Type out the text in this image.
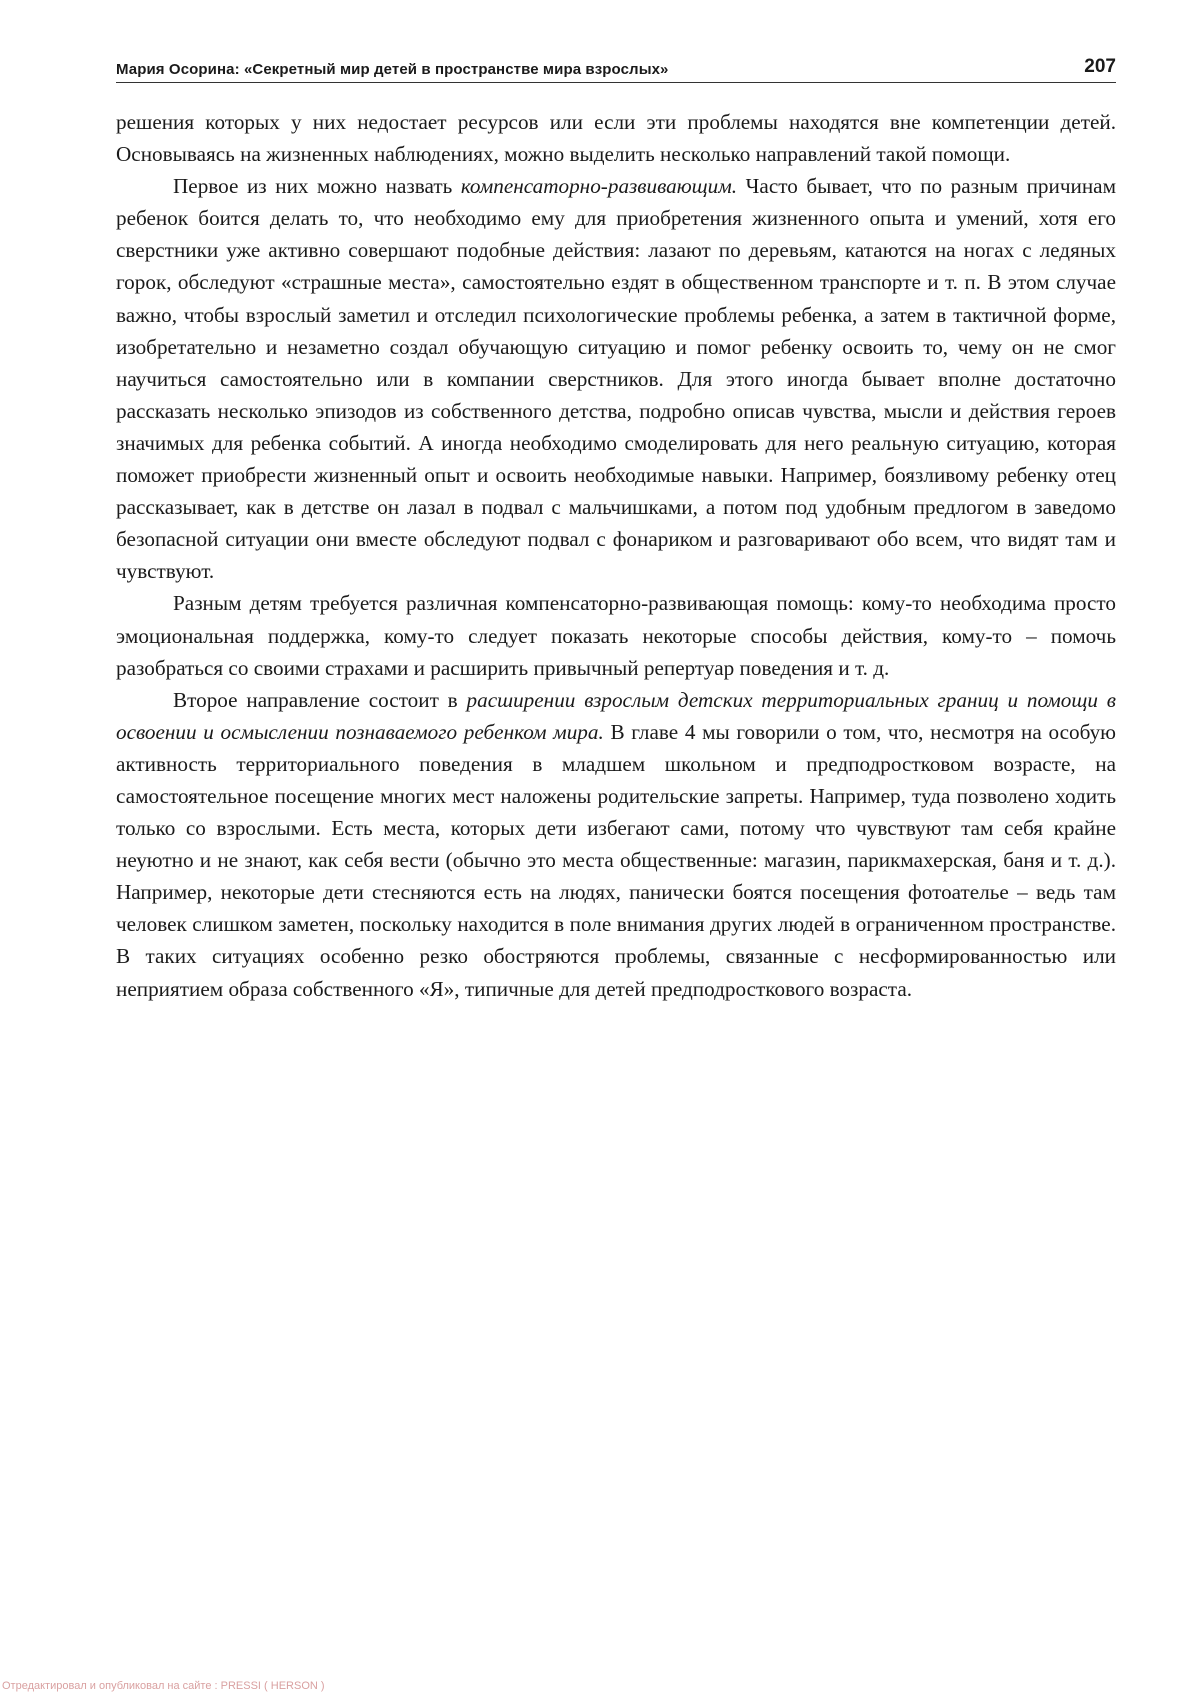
Мария Осорина: «Секретный мир детей в пространстве мира взрослых»	207

решения которых у них недостает ресурсов или если эти проблемы находятся вне компетенции детей. Основываясь на жизненных наблюдениях, можно выделить несколько направлений такой помощи.

Первое из них можно назвать компенсаторно-развивающим. Часто бывает, что по разным причинам ребенок боится делать то, что необходимо ему для приобретения жизненного опыта и умений, хотя его сверстники уже активно совершают подобные действия: лазают по деревьям, катаются на ногах с ледяных горок, обследуют «страшные места», самостоятельно ездят в общественном транспорте и т. п. В этом случае важно, чтобы взрослый заметил и отследил психологические проблемы ребенка, а затем в тактичной форме, изобретательно и незаметно создал обучающую ситуацию и помог ребенку освоить то, чему он не смог научиться самостоятельно или в компании сверстников. Для этого иногда бывает вполне достаточно рассказать несколько эпизодов из собственного детства, подробно описав чувства, мысли и действия героев значимых для ребенка событий. А иногда необходимо смоделировать для него реальную ситуацию, которая поможет приобрести жизненный опыт и освоить необходимые навыки. Например, боязливому ребенку отец рассказывает, как в детстве он лазал в подвал с мальчишками, а потом под удобным предлогом в заведомо безопасной ситуации они вместе обследуют подвал с фонариком и разговаривают обо всем, что видят там и чувствуют.

Разным детям требуется различная компенсаторно-развивающая помощь: кому-то необходима просто эмоциональная поддержка, кому-то следует показать некоторые способы действия, кому-то – помочь разобраться со своими страхами и расширить привычный репертуар поведения и т. д.

Второе направление состоит в расширении взрослым детских территориальных границ и помощи в освоении и осмыслении познаваемого ребенком мира. В главе 4 мы говорили о том, что, несмотря на особую активность территориального поведения в младшем школьном и предподростковом возрасте, на самостоятельное посещение многих мест наложены родительские запреты. Например, туда позволено ходить только со взрослыми. Есть места, которых дети избегают сами, потому что чувствуют там себя крайне неуютно и не знают, как себя вести (обычно это места общественные: магазин, парикмахерская, баня и т. д.). Например, некоторые дети стесняются есть на людях, панически боятся посещения фотоателье – ведь там человек слишком заметен, поскольку находится в поле внимания других людей в ограниченном пространстве. В таких ситуациях особенно резко обостряются проблемы, связанные с несформированностью или неприятием образа собственного «Я», типичные для детей предподросткового возраста.

Отредактировал и опубликовал на сайте : PRESSI ( HERSON )
